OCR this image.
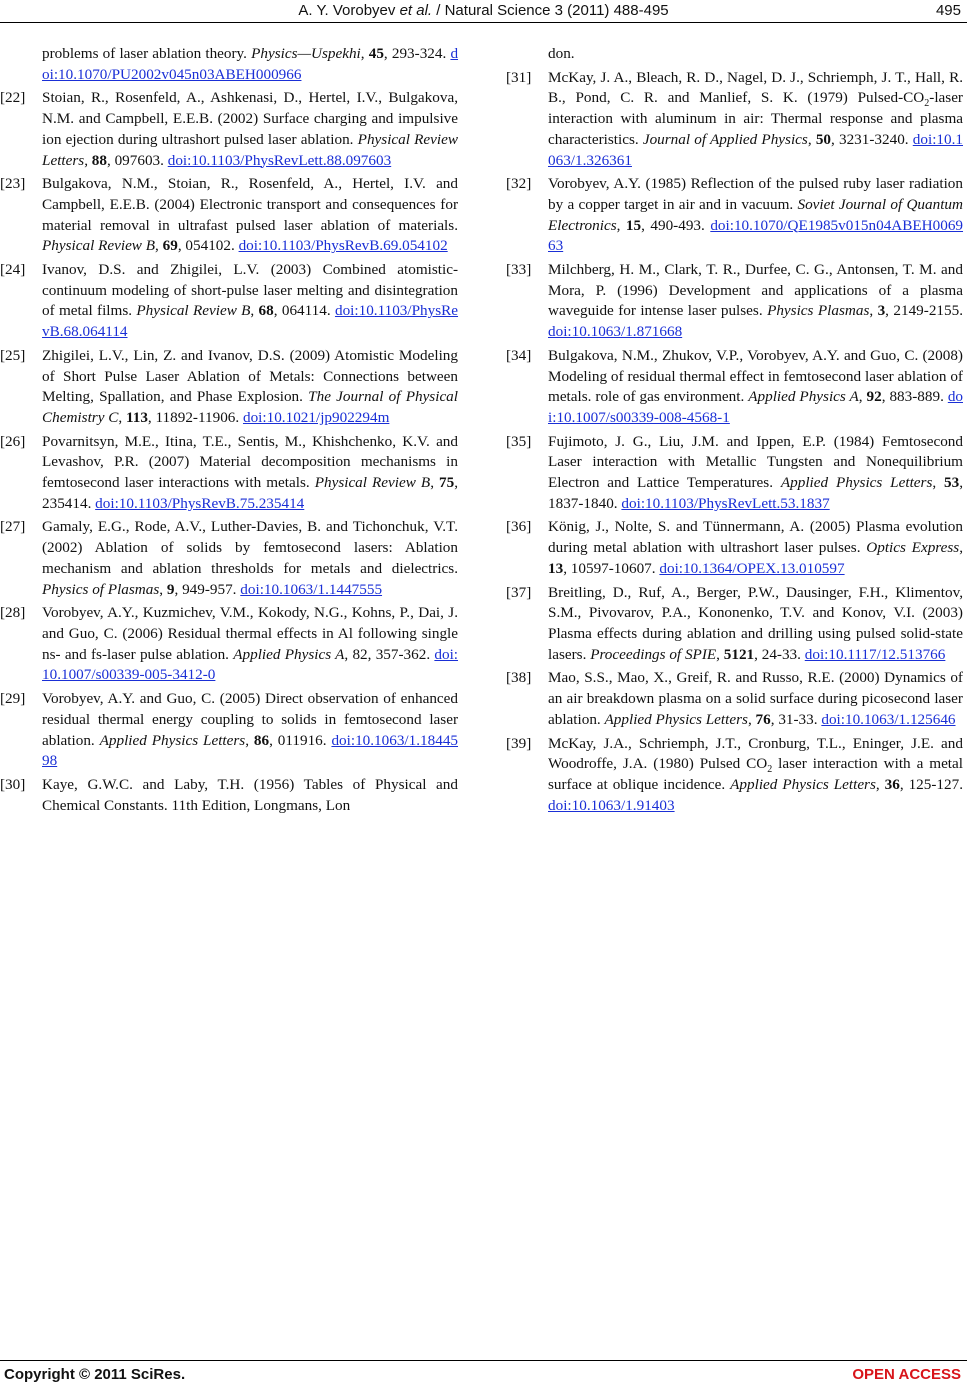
A. Y. Vorobyev et al. / Natural Science 3 (2011) 488-495	495
problems of laser ablation theory. Physics—Uspekhi, 45, 293-324. doi:10.1070/PU2002v045n03ABEH000966
[22] Stoian, R., Rosenfeld, A., Ashkenasi, D., Hertel, I.V., Bulgakova, N.M. and Campbell, E.E.B. (2002) Surface charging and impulsive ion ejection during ultrashort pulsed laser ablation. Physical Review Letters, 88, 097603. doi:10.1103/PhysRevLett.88.097603
[23] Bulgakova, N.M., Stoian, R., Rosenfeld, A., Hertel, I.V. and Campbell, E.E.B. (2004) Electronic transport and consequences for material removal in ultrafast pulsed laser ablation of materials. Physical Review B, 69, 054102. doi:10.1103/PhysRevB.69.054102
[24] Ivanov, D.S. and Zhigilei, L.V. (2003) Combined atomistic-continuum modeling of short-pulse laser melting and disintegration of metal films. Physical Review B, 68, 064114. doi:10.1103/PhysRevB.68.064114
[25] Zhigilei, L.V., Lin, Z. and Ivanov, D.S. (2009) Atomistic Modeling of Short Pulse Laser Ablation of Metals: Connections between Melting, Spallation, and Phase Explosion. The Journal of Physical Chemistry C, 113, 11892-11906. doi:10.1021/jp902294m
[26] Povarnitsyn, M.E., Itina, T.E., Sentis, M., Khishchenko, K.V. and Levashov, P.R. (2007) Material decomposition mechanisms in femtosecond laser interactions with metals. Physical Review B, 75, 235414. doi:10.1103/PhysRevB.75.235414
[27] Gamaly, E.G., Rode, A.V., Luther-Davies, B. and Tichonchuk, V.T. (2002) Ablation of solids by femtosecond lasers: Ablation mechanism and ablation thresholds for metals and dielectrics. Physics of Plasmas, 9, 949-957. doi:10.1063/1.1447555
[28] Vorobyev, A.Y., Kuzmichev, V.M., Kokody, N.G., Kohns, P., Dai, J. and Guo, C. (2006) Residual thermal effects in Al following single ns- and fs-laser pulse ablation. Applied Physics A, 82, 357-362. doi:10.1007/s00339-005-3412-0
[29] Vorobyev, A.Y. and Guo, C. (2005) Direct observation of enhanced residual thermal energy coupling to solids in femtosecond laser ablation. Applied Physics Letters, 86, 011916. doi:10.1063/1.1844598
[30] Kaye, G.W.C. and Laby, T.H. (1956) Tables of Physical and Chemical Constants. 11th Edition, Longmans, Lon
don.
[31] McKay, J. A., Bleach, R. D., Nagel, D. J., Schriemph, J. T., Hall, R. B., Pond, C. R. and Manlief, S. K. (1979) Pulsed-$CO_2$-laser interaction with aluminum in air: Thermal response and plasma characteristics. Journal of Applied Physics, 50, 3231-3240. doi:10.1063/1.326361
[32] Vorobyev, A.Y. (1985) Reflection of the pulsed ruby laser radiation by a copper target in air and in vacuum. Soviet Journal of Quantum Electronics, 15, 490-493. doi:10.1070/QE1985v015n04ABEH006963
[33] Milchberg, H. M., Clark, T. R., Durfee, C. G., Antonsen, T. M. and Mora, P. (1996) Development and applications of a plasma waveguide for intense laser pulses. Physics Plasmas, 3, 2149-2155. doi:10.1063/1.871668
[34] Bulgakova, N.M., Zhukov, V.P., Vorobyev, A.Y. and Guo, C. (2008) Modeling of residual thermal effect in femtosecond laser ablation of metals. role of gas environment. Applied Physics A, 92, 883-889. doi:10.1007/s00339-008-4568-1
[35] Fujimoto, J. G., Liu, J.M. and Ippen, E.P. (1984) Femtosecond Laser interaction with Metallic Tungsten and Nonequilibrium Electron and Lattice Temperatures. Applied Physics Letters, 53, 1837-1840. doi:10.1103/PhysRevLett.53.1837
[36] König, J., Nolte, S. and Tünnermann, A. (2005) Plasma evolution during metal ablation with ultrashort laser pulses. Optics Express, 13, 10597-10607. doi:10.1364/OPEX.13.010597
[37] Breitling, D., Ruf, A., Berger, P.W., Dausinger, F.H., Klimentov, S.M., Pivovarov, P.A., Kononenko, T.V. and Konov, V.I. (2003) Plasma effects during ablation and drilling using pulsed solid-state lasers. Proceedings of SPIE, 5121, 24-33. doi:10.1117/12.513766
[38] Mao, S.S., Mao, X., Greif, R. and Russo, R.E. (2000) Dynamics of an air breakdown plasma on a solid surface during picosecond laser ablation. Applied Physics Letters, 76, 31-33. doi:10.1063/1.125646
[39] McKay, J.A., Schriemph, J.T., Cronburg, T.L., Eninger, J.E. and Woodroffe, J.A. (1980) Pulsed $CO_2$ laser interaction with a metal surface at oblique incidence. Applied Physics Letters, 36, 125-127. doi:10.1063/1.91403
Copyright © 2011 SciRes.	OPEN ACCESS
